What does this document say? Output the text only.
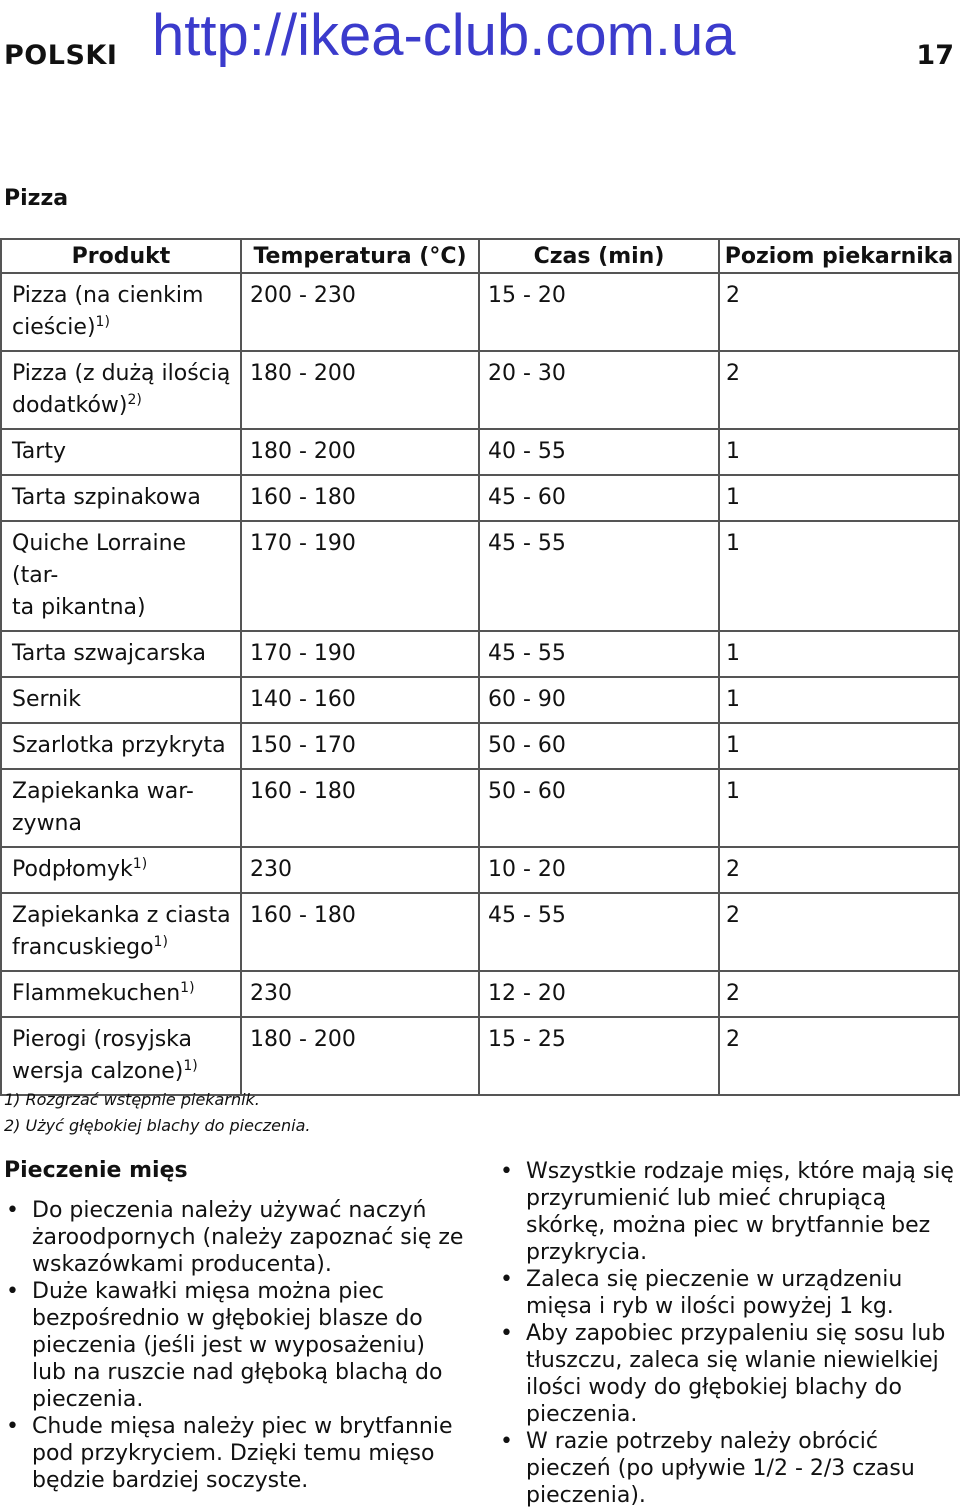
POLSKI http://ikea-club.com.ua	17
Pizza
Produkt	Temperatura (°C)	Czas (min)	Poziom piekarnika
Pizza (na cienkim
cieście)$^{1)}$	200 - 230	15 - 20	2
Pizza (z dużą ilością
dodatków)$^{2)}$	180 - 200	20 - 30	2
Tarty	180 - 200	40 - 55	1
Tarta szpinakowa	160 - 180	45 - 60	1
Quiche Lorraine (tar-
ta pikantna)	170 - 190	45 - 55	1
Tarta szwajcarska	170 - 190	45 - 55	1
Sernik	140 - 160	60 - 90	1
Szarlotka przykryta	150 - 170	50 - 60	1
Zapiekanka war-
zywna	160 - 180	50 - 60	1
Podpłomyk$^{1)}$	230	10 - 20	2
Zapiekanka z ciasta
francuskiego$^{1)}$	160 - 180	45 - 55	2
Flammekuchen$^{1)}$	230	12 - 20	2
Pierogi (rosyjska
wersja calzone)$^{1)}$	180 - 200	15 - 25	2
1) Rozgrzać wstępnie piekarnik.
2) Użyć głębokiej blachy do pieczenia.
Pieczenie mięs
• Do pieczenia należy używać naczyń żaroodpornych (należy zapoznać się ze wskazówkami producenta).
• Duże kawałki mięsa można piec bezpośrednio w głębokiej blasze do pieczenia (jeśli jest w wyposażeniu) lub na ruszcie nad głęboką blachą do pieczenia.
• Chude mięsa należy piec w brytfannie pod przykryciem. Dzięki temu mięso będzie bardziej soczyste.
• Wszystkie rodzaje mięs, które mają się przyrumienić lub mieć chrupiącą skórkę, można piec w brytfannie bez przykrycia.
• Zaleca się pieczenie w urządzeniu mięsa i ryb w ilości powyżej 1 kg.
• Aby zapobiec przypaleniu się sosu lub tłuszczu, zaleca się wlanie niewielkiej ilości wody do głębokiej blachy do pieczenia.
• W razie potrzeby należy obrócić pieczeń (po upływie 1/2 - 2/3 czasu pieczenia).
